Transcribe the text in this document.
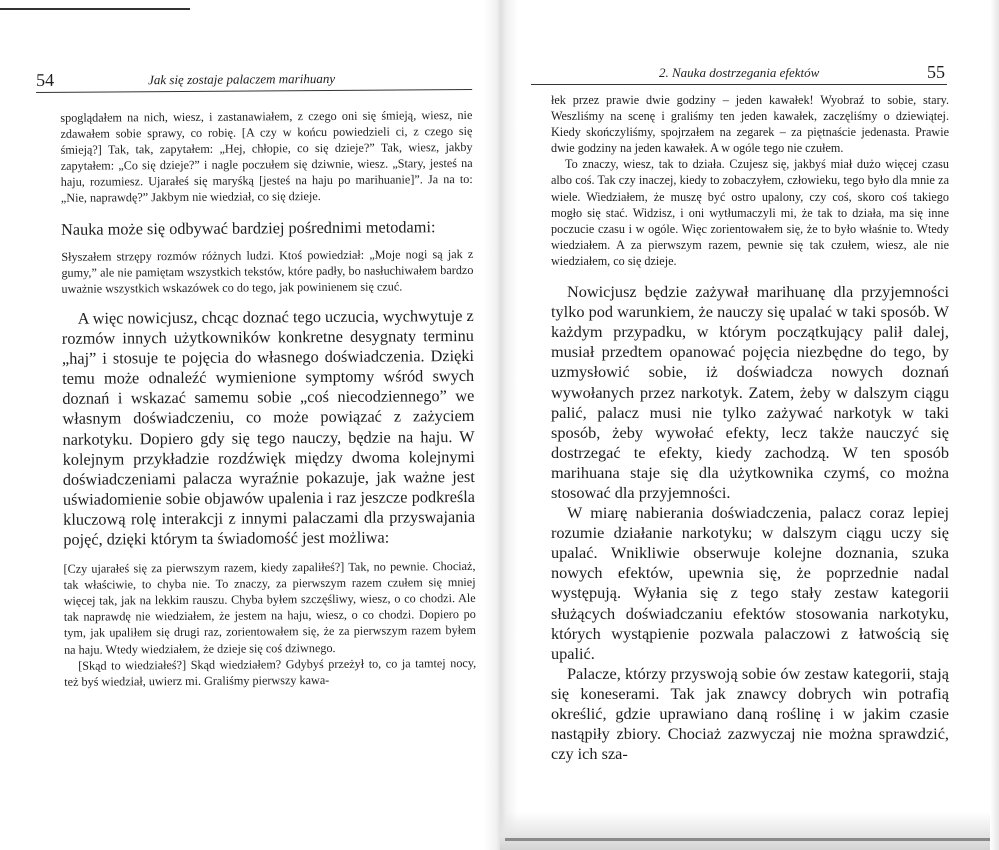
54	Jak się zostaje palaczem marihuany

spoglądałem na nich, wiesz, i zastanawiałem, z czego oni się śmieją, wiesz, nie zdawałem sobie sprawy, co robię. [A czy w końcu powiedzieli ci, z czego się śmieją?] Tak, tak, zapytałem: „Hej, chłopie, co się dzieje?” Tak, wiesz, jakby zapytałem: „Co się dzieje?” i nagle poczułem się dziwnie, wiesz. „Stary, jesteś na haju, rozumiesz. Ujarałeś się maryśką [jesteś na haju po marihuanie]”. Ja na to: „Nie, naprawdę?” Jakbym nie wiedział, co się dzieje.

Nauka może się odbywać bardziej pośrednimi metodami:

Słyszałem strzępy rozmów różnych ludzi. Ktoś powiedział: „Moje nogi są jak z gumy,” ale nie pamiętam wszystkich tekstów, które padły, bo nasłuchiwałem bardzo uważnie wszystkich wskazówek co do tego, jak powinienem się czuć.

A więc nowicjusz, chcąc doznać tego uczucia, wychwytuje z rozmów innych użytkowników konkretne desygnaty terminu „haj” i stosuje te pojęcia do własnego doświadczenia. Dzięki temu może odnaleźć wymienione symptomy wśród swych doznań i wskazać samemu sobie „coś niecodziennego” we własnym doświadczeniu, co może powiązać z zażyciem narkotyku. Dopiero gdy się tego nauczy, będzie na haju. W kolejnym przykładzie rozdźwięk między dwoma kolejnymi doświadczeniami palacza wyraźnie pokazuje, jak ważne jest uświadomienie sobie objawów upalenia i raz jeszcze podkreśla kluczową rolę interakcji z innymi palaczami dla przyswajania pojęć, dzięki którym ta świadomość jest możliwa:

[Czy ujarałeś się za pierwszym razem, kiedy zapaliłeś?] Tak, no pewnie. Chociaż, tak właściwie, to chyba nie. To znaczy, za pierwszym razem czułem się mniej więcej tak, jak na lekkim rauszu. Chyba byłem szczęśliwy, wiesz, o co chodzi. Ale tak naprawdę nie wiedziałem, że jestem na haju, wiesz, o co chodzi. Dopiero po tym, jak upaliłem się drugi raz, zorientowałem się, że za pierwszym razem byłem na haju. Wtedy wiedziałem, że dzieje się coś dziwnego.

[Skąd to wiedziałeś?] Skąd wiedziałem? Gdybyś przeżył to, co ja tamtej nocy, też byś wiedział, uwierz mi. Graliśmy pierwszy kawa-

2. Nauka dostrzegania efektów	55

łek przez prawie dwie godziny – jeden kawałek! Wyobraź to sobie, stary. Weszliśmy na scenę i graliśmy ten jeden kawałek, zaczęliśmy o dziewiątej. Kiedy skończyliśmy, spojrzałem na zegarek – za piętnaście jedenasta. Prawie dwie godziny na jeden kawałek. A w ogóle tego nie czułem.

To znaczy, wiesz, tak to działa. Czujesz się, jakbyś miał dużo więcej czasu albo coś. Tak czy inaczej, kiedy to zobaczyłem, człowieku, tego było dla mnie za wiele. Wiedziałem, że muszę być ostro upalony, czy coś, skoro coś takiego mogło się stać. Widzisz, i oni wytłumaczyli mi, że tak to działa, ma się inne poczucie czasu i w ogóle. Więc zorientowałem się, że to było właśnie to. Wtedy wiedziałem. A za pierwszym razem, pewnie się tak czułem, wiesz, ale nie wiedziałem, co się dzieje.

Nowicjusz będzie zażywał marihuanę dla przyjemności tylko pod warunkiem, że nauczy się upalać w taki sposób. W każdym przypadku, w którym początkujący palił dalej, musiał przedtem opanować pojęcia niezbędne do tego, by uzmysłowić sobie, iż doświadcza nowych doznań wywołanych przez narkotyk. Zatem, żeby w dalszym ciągu palić, palacz musi nie tylko zażywać narkotyk w taki sposób, żeby wywołać efekty, lecz także nauczyć się dostrzegać te efekty, kiedy zachodzą. W ten sposób marihuana staje się dla użytkownika czymś, co można stosować dla przyjemności.

W miarę nabierania doświadczenia, palacz coraz lepiej rozumie działanie narkotyku; w dalszym ciągu uczy się upalać. Wnikliwie obserwuje kolejne doznania, szuka nowych efektów, upewnia się, że poprzednie nadal występują. Wyłania się z tego stały zestaw kategorii służących doświadczaniu efektów stosowania narkotyku, których wystąpienie pozwala palaczowi z łatwością się upalić.

Palacze, którzy przyswoją sobie ów zestaw kategorii, stają się koneserami. Tak jak znawcy dobrych win potrafią określić, gdzie uprawiano daną roślinę i w jakim czasie nastąpiły zbiory. Chociaż zazwyczaj nie można sprawdzić, czy ich sza-
